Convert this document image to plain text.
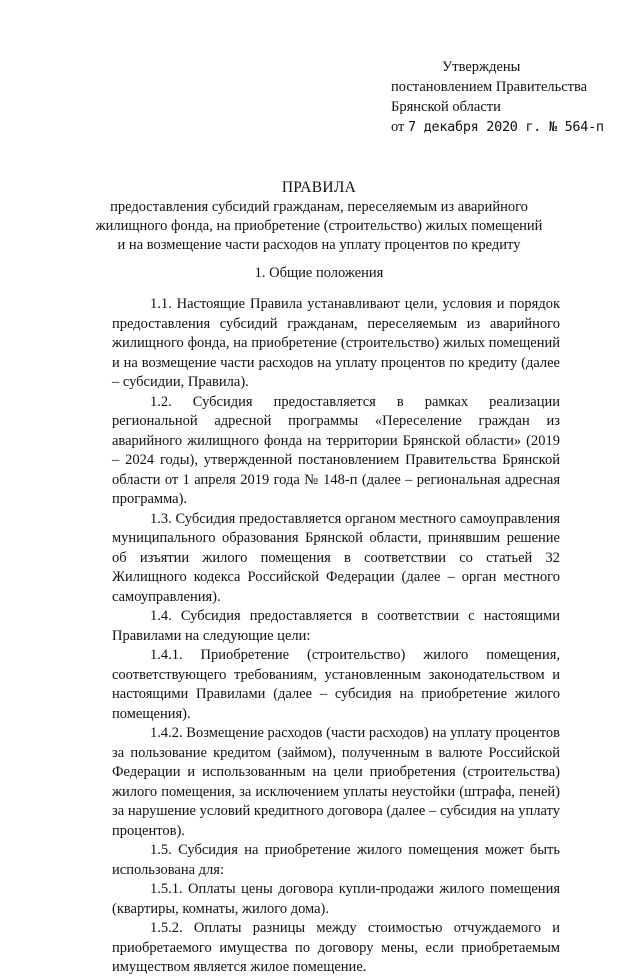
Утверждены
постановлением Правительства
Брянской области
от 7 декабря 2020 г. № 564-п
ПРАВИЛА
предоставления субсидий гражданам, переселяемым из аварийного
жилищного фонда, на приобретение (строительство) жилых помещений
и на возмещение части расходов на уплату процентов по кредиту
1. Общие положения

1.1. Настоящие Правила устанавливают цели, условия и порядок предоставления субсидий гражданам, переселяемым из аварийного жилищного фонда, на приобретение (строительство) жилых помещений и на возмещение части расходов на уплату процентов по кредиту (далее – субсидии, Правила).

1.2. Субсидия предоставляется в рамках реализации региональной адресной программы «Переселение граждан из аварийного жилищного фонда на территории Брянской области» (2019 – 2024 годы), утвержденной постановлением Правительства Брянской области от 1 апреля 2019 года № 148-п (далее – региональная адресная программа).

1.3. Субсидия предоставляется органом местного самоуправления муниципального образования Брянской области, принявшим решение об изъятии жилого помещения в соответствии со статьей 32 Жилищного кодекса Российской Федерации (далее – орган местного самоуправления).

1.4. Субсидия предоставляется в соответствии с настоящими Правилами на следующие цели:

1.4.1. Приобретение (строительство) жилого помещения, соответствующего требованиям, установленным законодательством и настоящими Правилами (далее – субсидия на приобретение жилого помещения).

1.4.2. Возмещение расходов (части расходов) на уплату процентов за пользование кредитом (займом), полученным в валюте Российской Федерации и использованным на цели приобретения (строительства) жилого помещения, за исключением уплаты неустойки (штрафа, пеней) за нарушение условий кредитного договора (далее – субсидия на уплату процентов).

1.5. Субсидия на приобретение жилого помещения может быть использована для:

1.5.1. Оплаты цены договора купли-продажи жилого помещения (квартиры, комнаты, жилого дома).

1.5.2. Оплаты разницы между стоимостью отчуждаемого и приобретаемого имущества по договору мены, если приобретаемым имуществом является жилое помещение.
